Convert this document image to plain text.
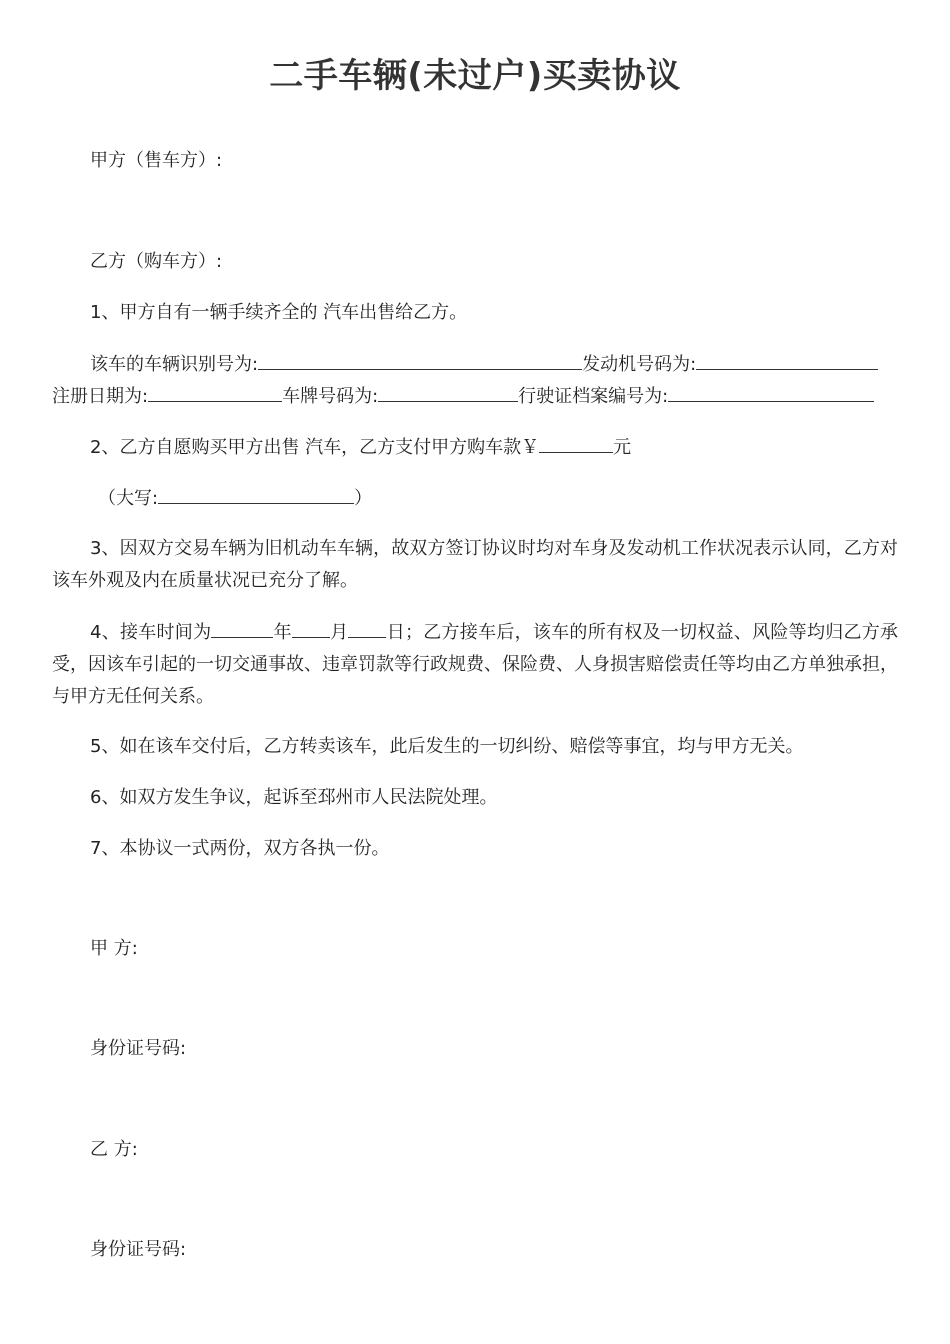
二手车辆(未过户)买卖协议
甲方（售车方）:
乙方（购车方）:
1、甲方自有一辆手续齐全的 汽车出售给乙方。
该车的车辆识别号为:	发动机号码为:
注册日期为:	车牌号码为:	行驶证档案编号为:
2、乙方自愿购买甲方出售 汽车，乙方支付甲方购车款￥	元
（大写:	）
3、因双方交易车辆为旧机动车车辆，故双方签订协议时均对车身及发动机工作状况表示认同，乙方对该车外观及内在质量状况已充分了解。
4、接车时间为	年 月 日；乙方接车后，该车的所有权及一切权益、风险等均归乙方承受，因该车引起的一切交通事故、违章罚款等行政规费、保险费、人身损害赔偿责任等均由乙方单独承担，与甲方无任何关系。
5、如在该车交付后，乙方转卖该车，此后发生的一切纠纷、赔偿等事宜，均与甲方无关。
6、如双方发生争议，起诉至邳州市人民法院处理。
7、本协议一式两份，双方各执一份。
甲 方:
身份证号码:
乙 方:
身份证号码:
